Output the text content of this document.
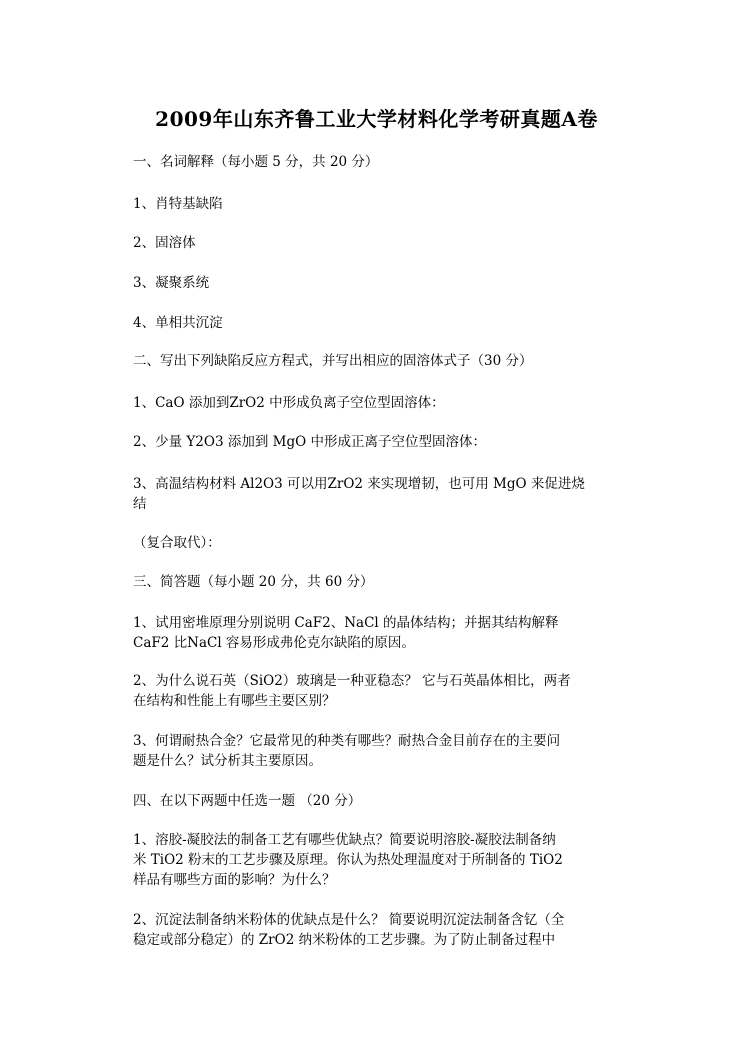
2009年山东齐鲁工业大学材料化学考研真题A卷
一、名词解释（每小题 5 分，共 20 分）
1、肖特基缺陷
2、固溶体
3、凝聚系统
4、单相共沉淀
二、写出下列缺陷反应方程式，并写出相应的固溶体式子（30 分）
1、CaO 添加到ZrO2 中形成负离子空位型固溶体：
2、少量 Y2O3 添加到 MgO 中形成正离子空位型固溶体：
3、高温结构材料 Al2O3 可以用ZrO2 来实现增韧，也可用 MgO 来促进烧
结
（复合取代）：
三、简答题（每小题 20 分，共 60 分）
1、试用密堆原理分别说明 CaF2、NaCl 的晶体结构；并据其结构解释
CaF2 比NaCl 容易形成弗伦克尔缺陷的原因。
2、为什么说石英（SiO2）玻璃是一种亚稳态？ 它与石英晶体相比，两者
在结构和性能上有哪些主要区别？
3、何谓耐热合金？它最常见的种类有哪些？耐热合金目前存在的主要问
题是什么？试分析其主要原因。
四、在以下两题中任选一题 （20 分）
1、溶胶-凝胶法的制备工艺有哪些优缺点？简要说明溶胶-凝胶法制备纳
米 TiO2 粉末的工艺步骤及原理。你认为热处理温度对于所制备的 TiO2
样品有哪些方面的影响？为什么？
2、沉淀法制备纳米粉体的优缺点是什么？ 简要说明沉淀法制备含钇（全
稳定或部分稳定）的 ZrO2 纳米粉体的工艺步骤。为了防止制备过程中
